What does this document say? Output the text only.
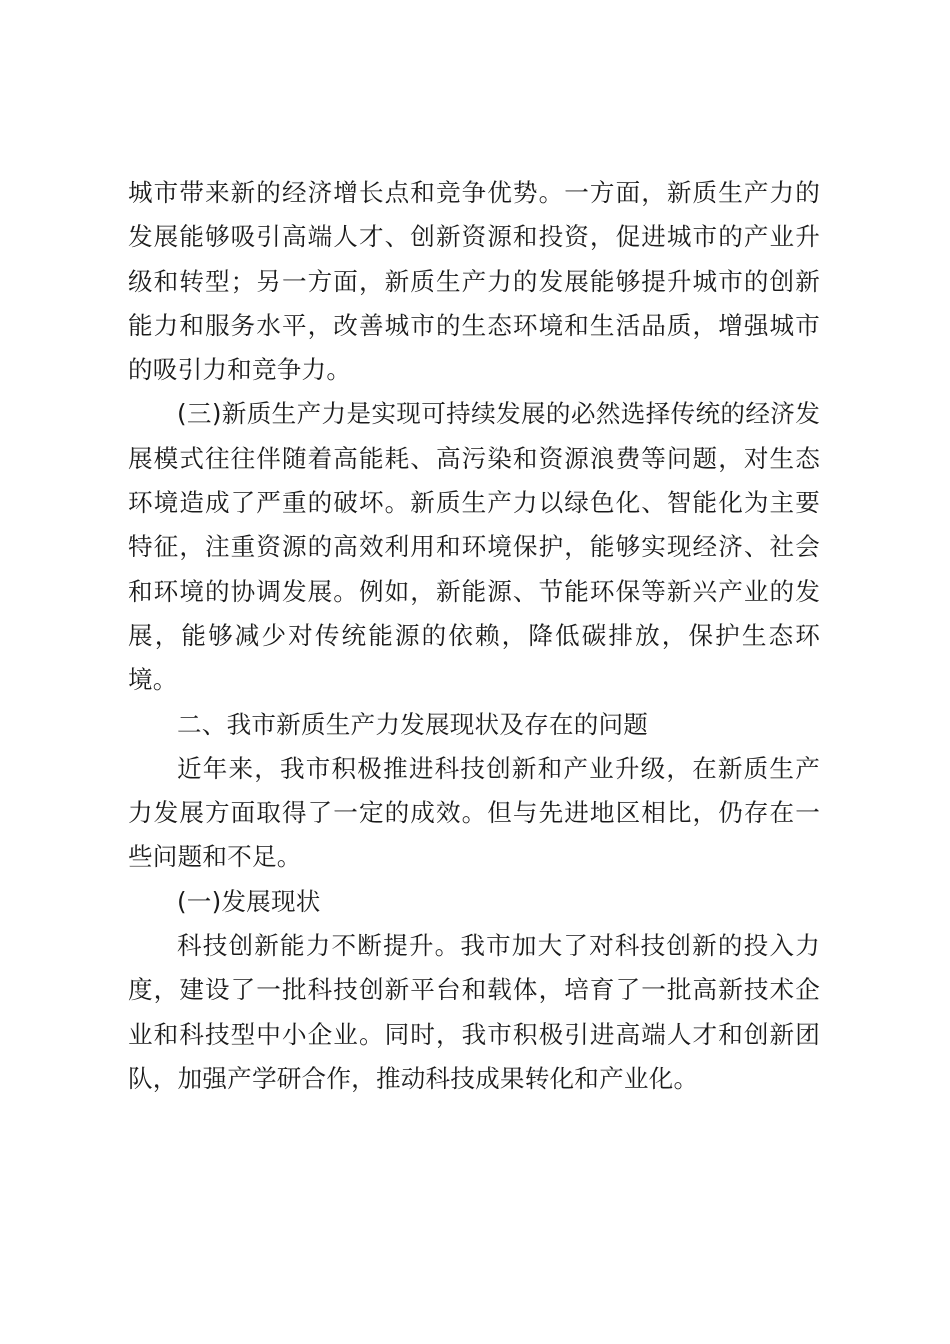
城市带来新的经济增长点和竞争优势。一方面，新质生产力的发展能够吸引高端人才、创新资源和投资，促进城市的产业升级和转型；另一方面，新质生产力的发展能够提升城市的创新能力和服务水平，改善城市的生态环境和生活品质，增强城市的吸引力和竞争力。

(三)新质生产力是实现可持续发展的必然选择传统的经济发展模式往往伴随着高能耗、高污染和资源浪费等问题，对生态环境造成了严重的破坏。新质生产力以绿色化、智能化为主要特征，注重资源的高效利用和环境保护，能够实现经济、社会和环境的协调发展。例如，新能源、节能环保等新兴产业的发展，能够减少对传统能源的依赖，降低碳排放，保护生态环境。

二、我市新质生产力发展现状及存在的问题

近年来，我市积极推进科技创新和产业升级，在新质生产力发展方面取得了一定的成效。但与先进地区相比，仍存在一些问题和不足。

(一)发展现状

科技创新能力不断提升。我市加大了对科技创新的投入力度，建设了一批科技创新平台和载体，培育了一批高新技术企业和科技型中小企业。同时，我市积极引进高端人才和创新团队，加强产学研合作，推动科技成果转化和产业化。
